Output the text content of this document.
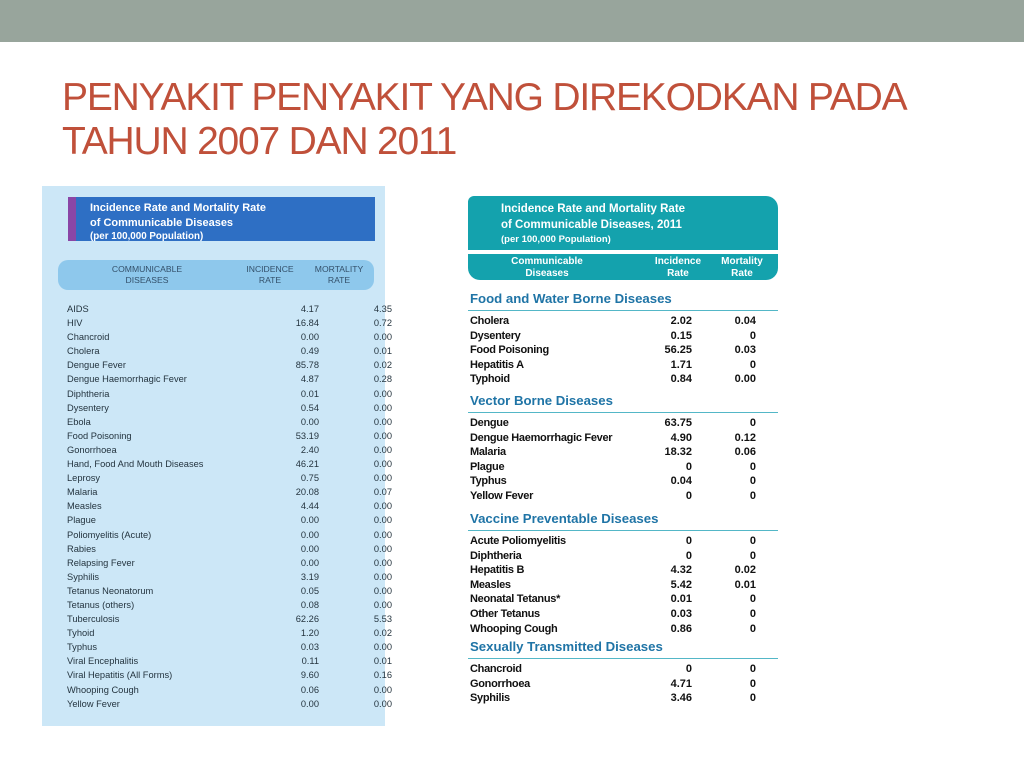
PENYAKIT PENYAKIT YANG DIREKODKAN PADA
TAHUN 2007 DAN 2011
Incidence Rate and Mortality Rate
of Communicable Diseases
(per 100,000 Population)
COMMUNICABLE
DISEASES
INCIDENCE
RATE
MORTALITY
RATE
AIDS	4.17	4.35
HIV	16.84	0.72
Chancroid	0.00	0.00
Cholera	0.49	0.01
Dengue Fever	85.78	0.02
Dengue Haemorrhagic Fever	4.87	0.28
Diphtheria	0.01	0.00
Dysentery	0.54	0.00
Ebola	0.00	0.00
Food Poisoning	53.19	0.00
Gonorrhoea	2.40	0.00
Hand, Food And Mouth Diseases	46.21	0.00
Leprosy	0.75	0.00
Malaria	20.08	0.07
Measles	4.44	0.00
Plague	0.00	0.00
Poliomyelitis (Acute)	0.00	0.00
Rabies	0.00	0.00
Relapsing Fever	0.00	0.00
Syphilis	3.19	0.00
Tetanus Neonatorum	0.05	0.00
Tetanus (others)	0.08	0.00
Tuberculosis	62.26	5.53
Tyhoid	1.20	0.02
Typhus	0.03	0.00
Viral Encephalitis	0.11	0.01
Viral Hepatitis (All Forms)	9.60	0.16
Whooping Cough	0.06	0.00
Yellow Fever	0.00	0.00
Incidence Rate and Mortality Rate
of Communicable Diseases, 2011
(per 100,000 Population)
Communicable
Diseases
Incidence
Rate
Mortality
Rate
Food and Water Borne Diseases
Cholera	2.02	0.04
Dysentery	0.15	0
Food Poisoning	56.25	0.03
Hepatitis A	1.71	0
Typhoid	0.84	0.00
Vector Borne Diseases
Dengue	63.75	0
Dengue Haemorrhagic Fever	4.90	0.12
Malaria	18.32	0.06
Plague	0	0
Typhus	0.04	0
Yellow Fever	0	0
Vaccine Preventable Diseases
Acute Poliomyelitis	0	0
Diphtheria	0	0
Hepatitis B	4.32	0.02
Measles	5.42	0.01
Neonatal Tetanus*	0.01	0
Other Tetanus	0.03	0
Whooping Cough	0.86	0
Sexually Transmitted Diseases
Chancroid	0	0
Gonorrhoea	4.71	0
Syphilis	3.46	0
